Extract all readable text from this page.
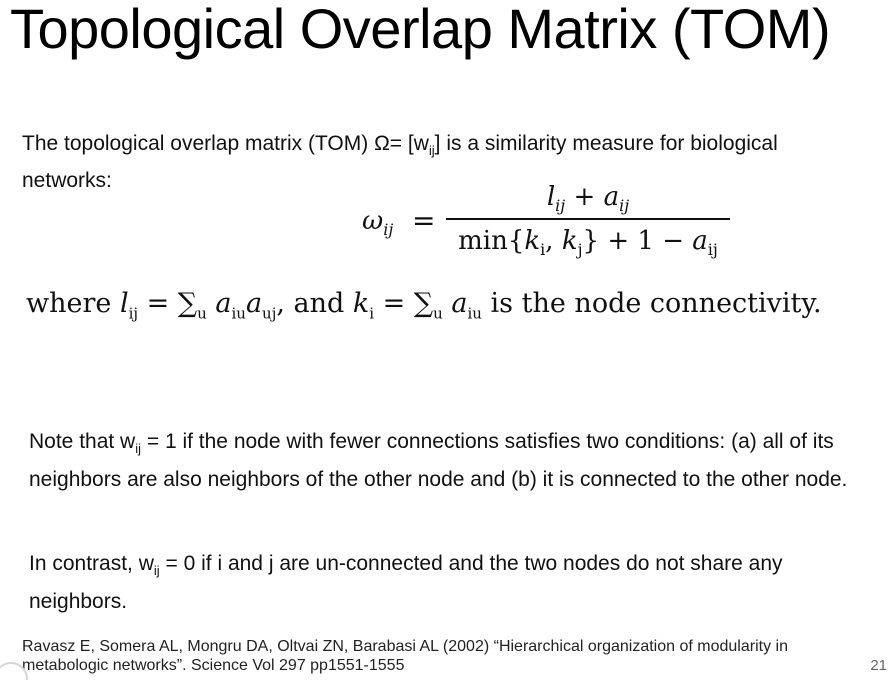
Topological Overlap Matrix (TOM)
The topological overlap matrix (TOM) $\Omega= [w_{ij}]$ is a similarity measure for biological networks:
$\omega_{ij}$ =
$l_{ij} + a_{ij}$
$\min\{k_i$, $k_j\} + 1 - a_{ij}$
where $l_{ij} = \sum_u$ $a_{iu}a_{uj}$, and $k_i = \sum_u$ $a_{iu}$ is the node connectivity.
Note that $w_{ij} = 1$ if the node with fewer connections satisfies two conditions: (a) all of its neighbors are also neighbors of the other node and (b) it is connected to the other node.
In contrast, $w_{ij} = 0$ if i and j are un-connected and the two nodes do not share any neighbors.
Ravasz E, Somera AL, Mongru DA, Oltvai ZN, Barabasi AL (2002) “Hierarchical organization of modularity in metabologic networks”. Science Vol 297 pp1551-1555	21
